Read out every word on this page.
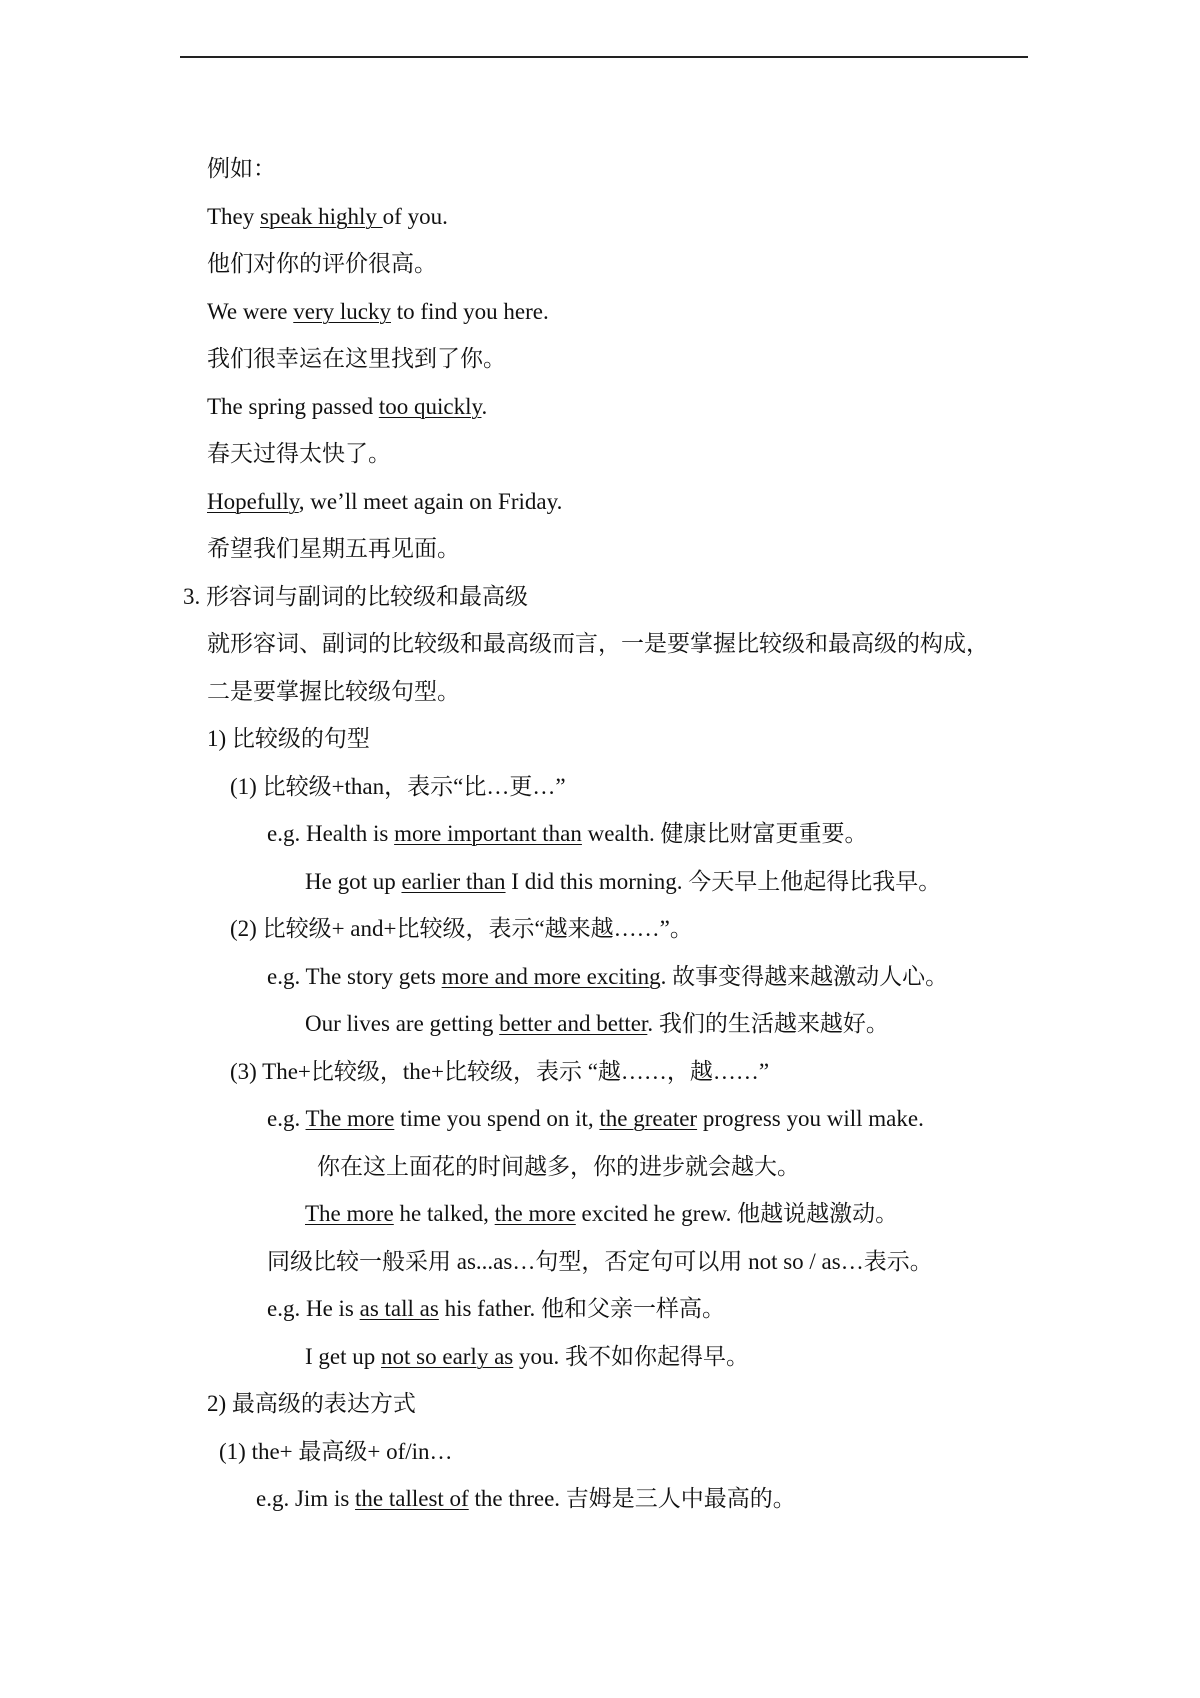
例如：
They speak highly of you.
他们对你的评价很高。
We were very lucky to find you here.
我们很幸运在这里找到了你。
The spring passed too quickly.
春天过得太快了。
Hopefully, we’ll meet again on Friday.
希望我们星期五再见面。
3. 形容词与副词的比较级和最高级
就形容词、副词的比较级和最高级而言，一是要掌握比较级和最高级的构成，
二是要掌握比较级句型。
1) 比较级的句型
(1) 比较级+than，表示“比…更…”
e.g. Health is more important than wealth. 健康比财富更重要。
He got up earlier than I did this morning. 今天早上他起得比我早。
(2) 比较级+ and+比较级，表示“越来越……”。
e.g. The story gets more and more exciting. 故事变得越来越激动人心。
Our lives are getting better and better. 我们的生活越来越好。
(3) The+比较级，the+比较级，表示 “越……，越……”
e.g. The more time you spend on it, the greater progress you will make.
你在这上面花的时间越多，你的进步就会越大。
The more he talked, the more excited he grew. 他越说越激动。
同级比较一般采用 as...as…句型，否定句可以用 not so / as…表示。
e.g. He is as tall as his father. 他和父亲一样高。
I get up not so early as you. 我不如你起得早。
2) 最高级的表达方式
(1) the+ 最高级+ of/in…
e.g. Jim is the tallest of the three. 吉姆是三人中最高的。
